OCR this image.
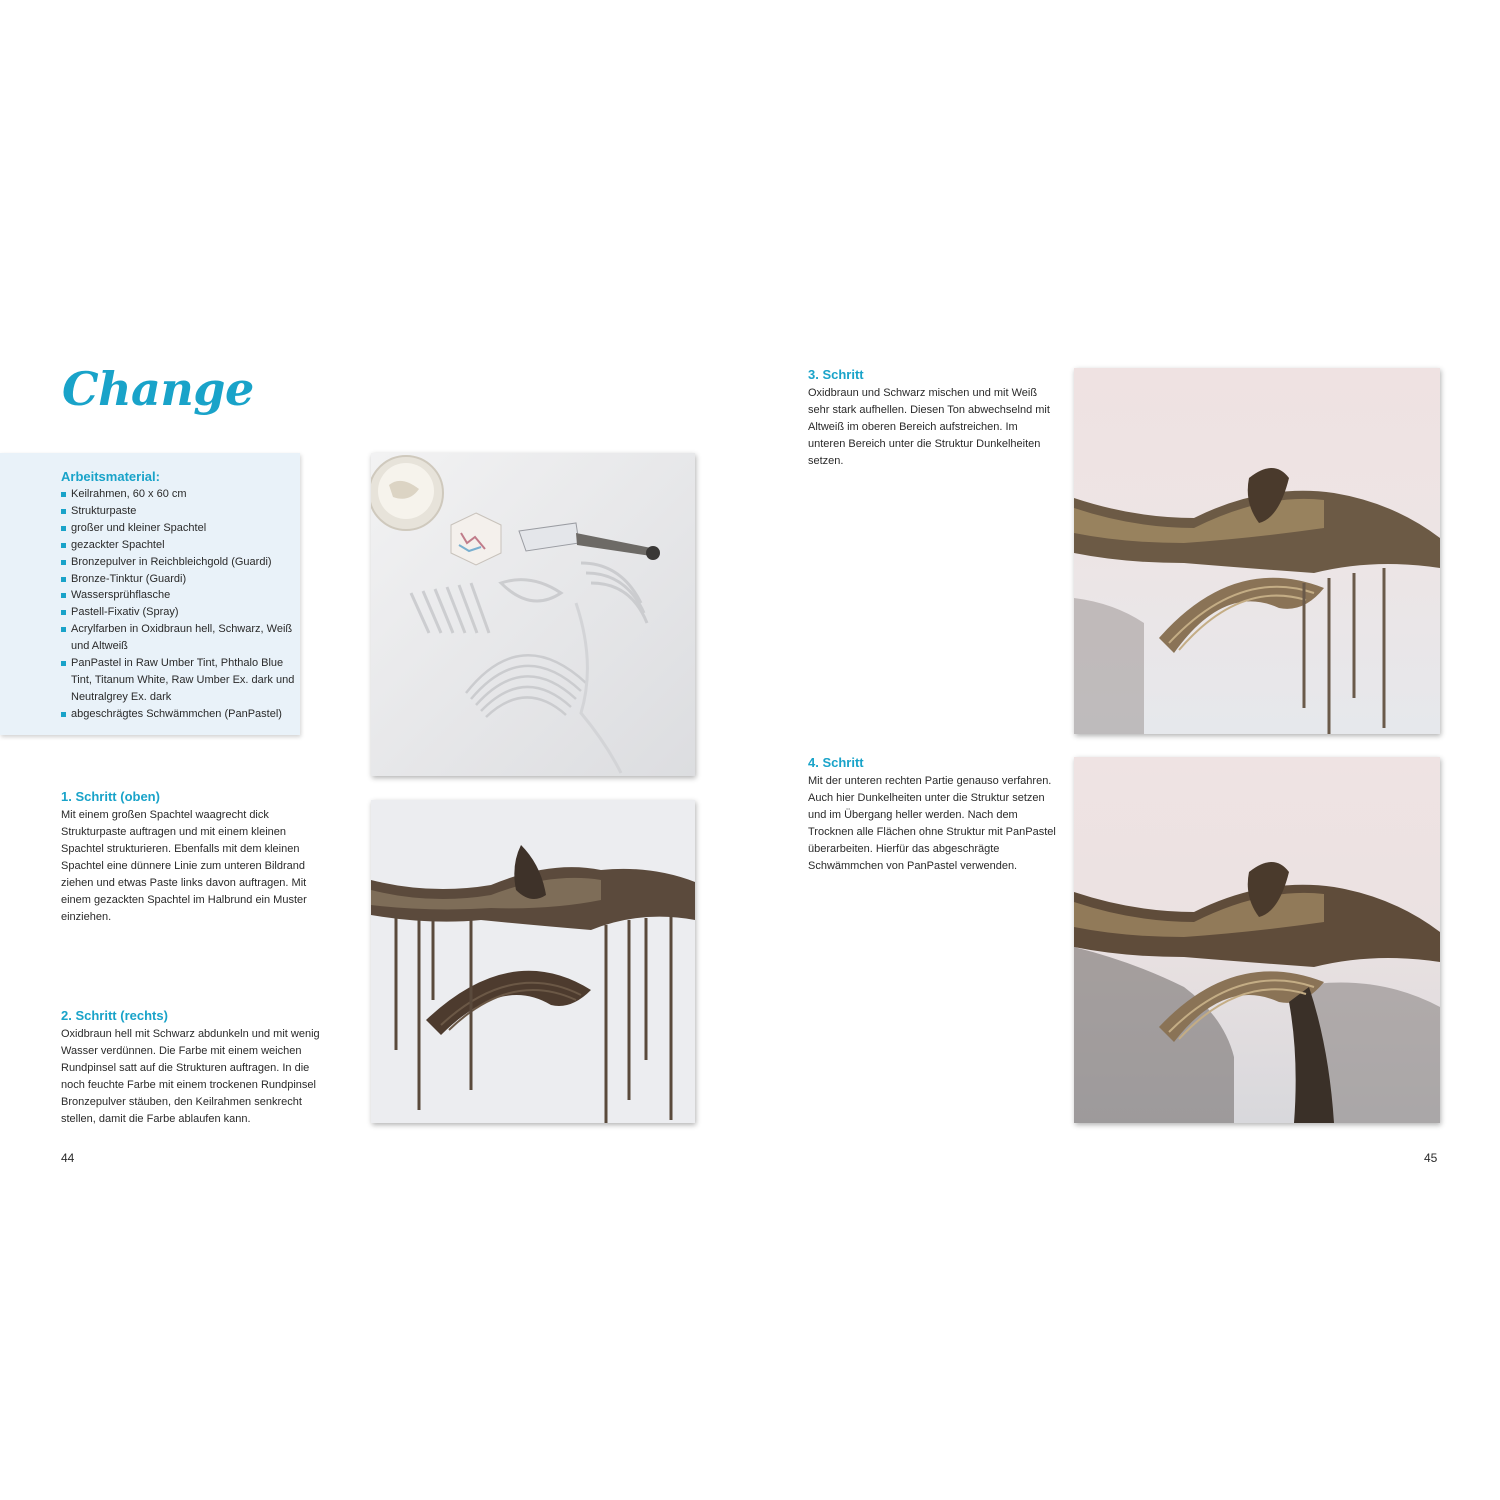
Change
Arbeitsmaterial:
Keilrahmen, 60 x 60 cm
Strukturpaste
großer und kleiner Spachtel
gezackter Spachtel
Bronzepulver in Reichbleichgold (Guardi)
Bronze-Tinktur (Guardi)
Wassersprühflasche
Pastell-Fixativ (Spray)
Acrylfarben in Oxidbraun hell, Schwarz, Weiß und Altweiß
PanPastel in Raw Umber Tint, Phthalo Blue Tint, Titanum White, Raw Umber Ex. dark und Neutralgrey Ex. dark
abgeschrägtes Schwämmchen (PanPastel)
1. Schritt (oben)

Mit einem großen Spachtel waagrecht dick Strukturpaste auftragen und mit einem kleinen Spachtel strukturieren. Ebenfalls mit dem kleinen Spachtel eine dünnere Linie zum unteren Bildrand ziehen und etwas Paste links davon auftragen. Mit einem gezackten Spachtel im Halbrund ein Muster einziehen.

2. Schritt (rechts)

Oxidbraun hell mit Schwarz abdunkeln und mit wenig Wasser verdünnen. Die Farbe mit einem weichen Rundpinsel satt auf die Strukturen auftragen. In die noch feuchte Farbe mit einem trockenen Rundpinsel Bronzepulver stäuben, den Keilrahmen senkrecht stellen, damit die Farbe ablaufen kann.

3. Schritt

Oxidbraun und Schwarz mischen und mit Weiß sehr stark aufhellen. Diesen Ton abwechselnd mit Altweiß im oberen Bereich aufstreichen. Im unteren Bereich unter die Struktur Dunkelheiten setzen.

4. Schritt

Mit der unteren rechten Partie genauso verfahren. Auch hier Dunkelheiten unter die Struktur setzen und im Übergang heller werden. Nach dem Trocknen alle Flächen ohne Struktur mit PanPastel überarbeiten. Hierfür das abgeschrägte Schwämmchen von PanPastel verwenden.

44	45
